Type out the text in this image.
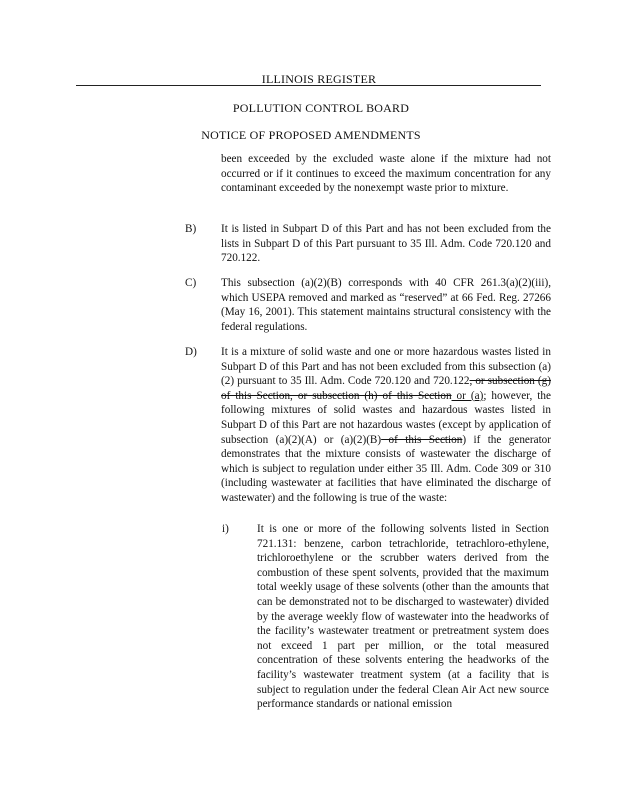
ILLINOIS REGISTER
POLLUTION CONTROL BOARD
NOTICE OF PROPOSED AMENDMENTS
been exceeded by the excluded waste alone if the mixture had not occurred or if it continues to exceed the maximum concentration for any contaminant exceeded by the nonexempt waste prior to mixture.
B) It is listed in Subpart D of this Part and has not been excluded from the lists in Subpart D of this Part pursuant to 35 Ill. Adm. Code 720.120 and 720.122.
C) This subsection (a)(2)(B) corresponds with 40 CFR 261.3(a)(2)(iii), which USEPA removed and marked as “reserved” at 66 Fed. Reg. 27266 (May 16, 2001). This statement maintains structural consistency with the federal regulations.
D) It is a mixture of solid waste and one or more hazardous wastes listed in Subpart D of this Part and has not been excluded from this subsection (a)(2) pursuant to 35 Ill. Adm. Code 720.120 and 720.122, or subsection (g) of this Section, or subsection (h) of this Section or (a); however, the following mixtures of solid wastes and hazardous wastes listed in Subpart D of this Part are not hazardous wastes (except by application of subsection (a)(2)(A) or (a)(2)(B) of this Section) if the generator demonstrates that the mixture consists of wastewater the discharge of which is subject to regulation under either 35 Ill. Adm. Code 309 or 310 (including wastewater at facilities that have eliminated the discharge of wastewater) and the following is true of the waste:
i)	It is one or more of the following solvents listed in Section 721.131: benzene, carbon tetrachloride, tetrachloro-ethylene, trichloroethylene or the scrubber waters derived from the combustion of these spent solvents, provided that the maximum total weekly usage of these solvents (other than the amounts that can be demonstrated not to be discharged to wastewater) divided by the average weekly flow of wastewater into the headworks of the facility’s wastewater treatment or pretreatment system does not exceed 1 part per million, or the total measured concentration of these solvents entering the headworks of the facility’s wastewater treatment system (at a facility that is subject to regulation under the federal Clean Air Act new source performance standards or national emission
